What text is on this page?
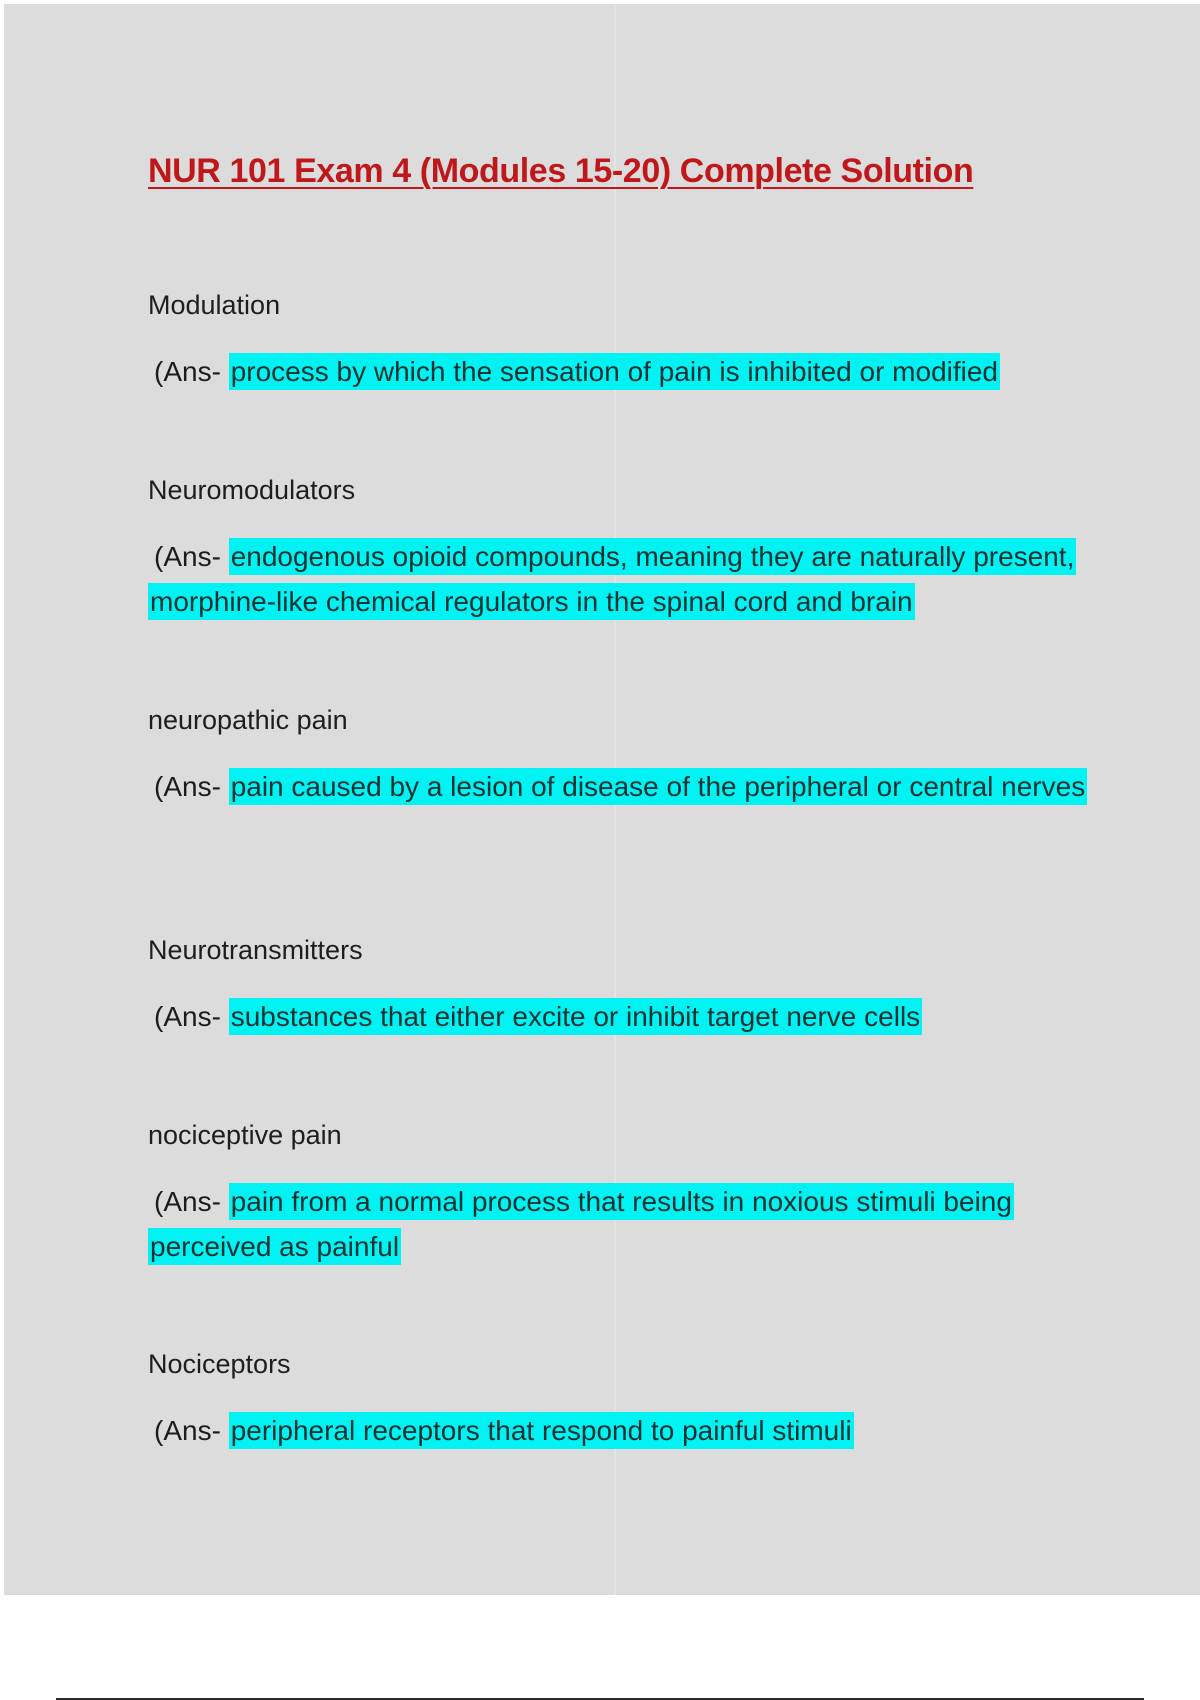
NUR 101 Exam 4 (Modules 15-20) Complete Solution
Modulation
(Ans- process by which the sensation of pain is inhibited or modified
Neuromodulators
(Ans- endogenous opioid compounds, meaning they are naturally present, morphine-like chemical regulators in the spinal cord and brain
neuropathic pain
(Ans- pain caused by a lesion of disease of the peripheral or central nerves
Neurotransmitters
(Ans- substances that either excite or inhibit target nerve cells
nociceptive pain
(Ans- pain from a normal process that results in noxious stimuli being perceived as painful
Nociceptors
(Ans- peripheral receptors that respond to painful stimuli
